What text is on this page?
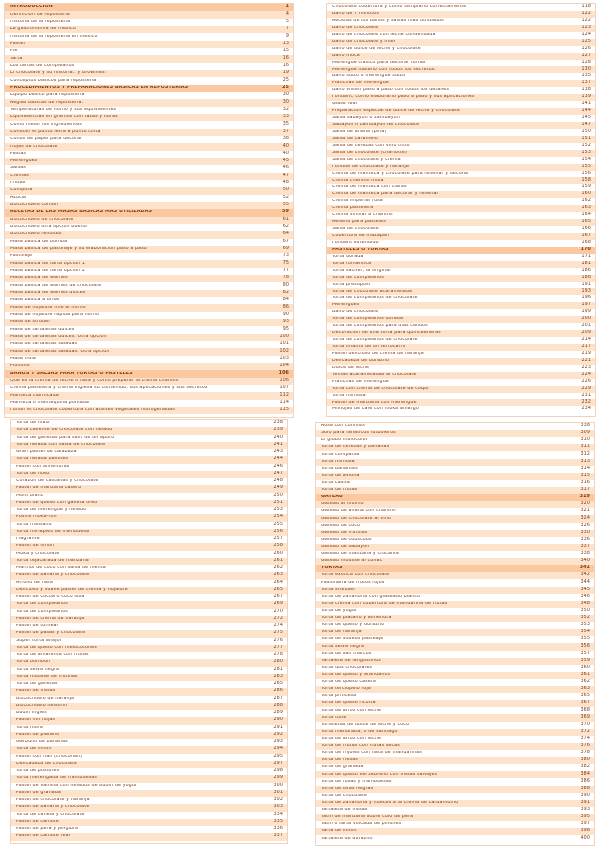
INTRODUCCIÓN	1
Definición de repostería	4
Historia de la repostería	5
La gastronomía de méxico	7
Historia de la repostería en méxico	9
Pastel	13
Pie	15
Tarta	16
Los tartas de cumpleaños	16
El chocolate y su historia.. y brownies!	19
Conceptos básicos para repostería	25
PROCEDIMIENTOS Y PREPARACIONES BASICAS EN REPOSTERÍAS	25
Equipo básico para repostería	30
Reglas básicas de repostería:	30
Temperaturas de horno y sus equivalentes	32
Equivalencias en gramos con tazas y libras	33
Como medir los ingredientes	35
Conocer el punto letra a punto cinta	37
Conos de papel para decorar	38
Hojas de chocolate	40
Pastas	40
Merengues	45
Salsas	46
Cremas	47
Frutas	48
Compota	50
Azúcar	52
Bizcochuelo común	55
RECETAS DE LAS MASAS BASICAS MÁS UTILIZADAS	59
Bizcochuelo de chocolate	61
Bizcochuelo otra opción bueno	62
Bizcochuelo rendidor	64
Masa básica de bomba	67
Masa básica de pastillaje y su elaboración paso a paso	69
Pastillaje	73
Masa básica de tarta opción 1	75
Masa básica de tarta opción 2	77
Masa básica de waffles	78
Masa básica de waffles de chocolate	80
Masa básica de waffles dulces	82
Masa básica a brisé	84
Masa de hojaldre fine al horno	86
Masa de hojaldre rápida para horno	90
Masa de strudel	93
Masa de tartaletas dulces	95
Masa de tartaletas dulces. Otra opción	100
Masa de tartaletas saladas	101
Masa de tartaletas saladas. Otra opción	102
Masa frola	103
Pionono	104
BAÑOS Y SALSAS PARA TORTAS O PASTELES	106
Qué es la crema de leche o nata y cómo preparar la crema chantilli	106
Crema pastelera y crema inglesa su contenido, sus aplicaciones y sus secretos	107
Manteca clarificada	112
Manteca o mantequilla pomada	114
Fundir el chocolate cobertura con aceites vegetales hidrogenadas	115
Chocolate cobertura y cómo templarlo correctamente	118
Baño de 7 minutos	122
Recetas de los baños y salsas más utilizados	122
Baño de chocolate	123
Baño de chocolate con leche condensada	124
Baño de chocolate y miel	125
Baño de dulce de leche y chocolate	126
Baño moca	127
Merengue clásico para decorar tortas	128
Merengue italiano con todos los secretos.	130
Baño suizo o merengue suizo	135
Planchas de merengue	137
Baño visten paso a paso con todos los detalles	138
Fondant, como elaborarlo paso a paso y sus aplicaciones	139
Glasé real	141
Preparación especial de dulce de leche y chocolate	144
Salsa sabayón o zambayón	145
Sabayón o zambayón de chocolate	147
Salsa de anana (piña)	150
Salsa de caramelo	151
Salsa de cerezas con vino tinto	152
Salsa de chocolate (charlotte)	153
Salsa de chocolate y crema	154
Fondue de chocolate y naranja	155
Crema de manteca y chocolate para rellenar y decorar	156
Crema chantilli mola	158
Crema de manteca con claras	159
Crema de manteca para decorar y rellenar	160
Crema imperial rusa	162
Crema pastelera	163
Crema similar a chantilli	164
Relleno para pasteles	165
Salsa de chocolate	166
Cobertura de mazapán	167
Fondant extendido	168
PASTELES O TORTAS	170
Torta dorada	171
Torta romántica	181
Torta sacher, la original	186
Torta de cumpleaños	188
Torta presupost	191
Torta de chocolate acaramelada	193
Torta de cumpleaños de chocolate	196
Merengues	197
Baño de chocolate	199
Torta de cumpleaños dorada	200
Torta de cumpleaños para días cálidos	201
Decoración de una torta para quinceañeras	209
Torta de cumpleaños de chocolate	214
Torta infantil de un terrocarril	217
Pastel delicioso de crema de naranja	219
Delicadeza de durazno	221
Dulce de leche	223
Yemas acarameladas al chocolate	224
Planchas de merengue	226
Torta con crema de chocolate de coquí	229
Torta mimosa	231
Pastel de manzana con merengue	232
Milhojas de café con moka amargo	234
Torta de maíz	238
Torta caliente de chocolate con helado	239
Torta de galletas para salir de un apuro	240
Torta helada con salsa de chocolate	241
Gran pastel de calabaza	243
Torta helada bailotes	244
Pastel con almendras	246
Torta de nuez	247
Corazón de castañas y chocolate	248
Pastel de manzana casero	249
Mont blanc	250
Pastel de queso con galleta oreo	251
Torta de merengue y helado	253
Postre moka-ron	254
Torta friesland	255
Torta mirlapies de frambuesa	256
Flagrante	257
Pastel de limón	258
Moka y chocolate	260
Torta tejacarada de manzana	261
Mármol de coco con salsa de menta	262
Pastel de banana y chocolate	263
Arrollo de nata	264
Delicioso y suave pastel de crema y hojaldre	265
Pastel de cocoa o coco sola	267
Torta de cumpleaños	269
Torta de cumpleaños	270
Pastel de crema de naranja	272
Pastel de tornear	274
Pastel de pasas y chocolate	275
Súper torta alfajor	276
Torta de queso con melocotones	277
Torta de amarenta con frutas	278
Torta bombón	280
Torta selva negra	281
Torta mousse de frutillas	283
Torta de galletas	285
Pastel de fresas	286
Bizcochuelo de naranja	287
Bizcochuelo helsoriff	288
Budín inglés	289
Pastel mil hojas	290
Torta mora	291
Pastel de plátano	292
Garbullo de bananas	293
Torta de limón	294
Pastel con flan (chocoflan)	295
Delicadeza de chocolate	297
Torta de postores	298
Torta merengada de frambuesas	299
Pastel de vainilla con helados de budín de yogur	300
Pastel de granada	301
Pastel de chocolate y naranja	302
Pastel de banana y chocolate	303
Torta de canela y chocolate	334
Pastel de camote	335
Pastel de pera y jengibre	336
Pastel de camote real	337
Rosa con confites	338
Sólo para fanáticos futboleros	309
El globo multicolor	310
Torta de cerezas y bananas	311
Torta compañía	312
Torta mimosa	313
Torta bailantes	314
Torta de aviona	315
Torta casita	316
Torta de frutas	317
GATEAU	319
Gateau al molino	320
Gateau de anana con chantilli	321
Gateau de chocolate al vino	324
Gateau de coco	326
Gateau de frutillas	330
Gateau de couscous	336
Gateau de sabayón	337
Gateau de manzana y crocante	338
Gateau mousse al coñac	340
TORTAS	341
Torta exótica con chocolate	342
Pasionaria de frutos rojos	344
Torta streusel	345
Torta de zanahoria con glaseado blanco	346
Torta crema con cobertura de mandarina de frutas	348
Torta de yogur	350
Torta de plátano y almendra	352
Torta de queso y durazno	353
Torta de naranja	354
Torta de sobeus pasteaje	355
Torta selva negra	356
Torta de san marcos	357
Tartaleta de langostinos	359
Torta dos chocolates	360
Torta de queso y arándanos	361
Torta de queso casera	362
Torta terciopelo roja	363
Torta princesa	365
Torta de queso ricotta	367
Torta de arroz con leche	368
Torta tolte	369
Torteletas de dulce de leche y coco	370
Torta mandraba, o de santiago	372
Torta de arroz con leche	374
Torta de frutas con frutas secas	376
Torta de frijoles con nata de mandarinas	378
Torta de fresas	380
Torta de granada	382
Torta de queso vel zebrello con fresas salvajes	384
Torta de rosas y frambuesas	386
Torta de uvas negras	388
Torta de chocolate	390
Torta de zanahoria y nueces a la crema de cardamomo	391
Tartaleta de fresas	393
Tatin de manzana sobre culo de pera	395
Tatin o tarta volcada de piñones	397
Tarta de limón	398
Tartaleta de durazno	400
